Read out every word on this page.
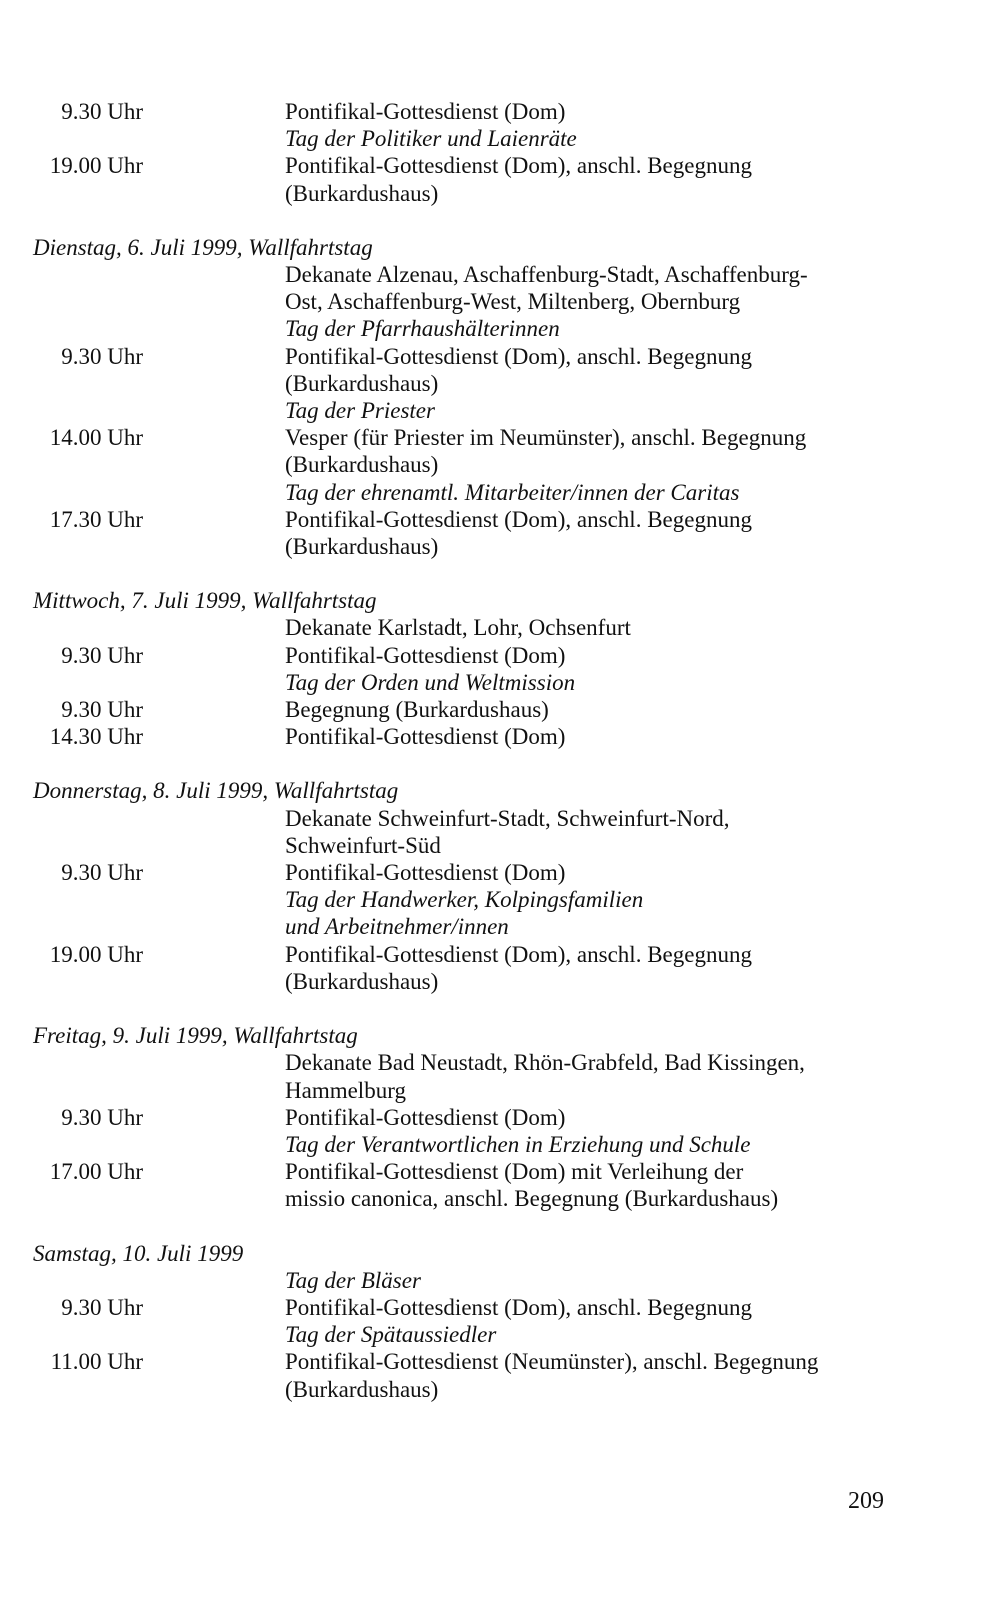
9.30 Uhr	Pontifikal-Gottesdienst (Dom)
Tag der Politiker und Laienräte
19.00 Uhr	Pontifikal-Gottesdienst (Dom), anschl. Begegnung
(Burkardushaus)
Dienstag, 6. Juli 1999, Wallfahrtstag
Dekanate Alzenau, Aschaffenburg-Stadt, Aschaffenburg-
Ost, Aschaffenburg-West, Miltenberg, Obernburg
Tag der Pfarrhaushälterinnen
9.30 Uhr	Pontifikal-Gottesdienst (Dom), anschl. Begegnung
(Burkardushaus)
Tag der Priester
14.00 Uhr	Vesper (für Priester im Neumünster), anschl. Begegnung
(Burkardushaus)
Tag der ehrenamtl. Mitarbeiter/innen der Caritas
17.30 Uhr	Pontifikal-Gottesdienst (Dom), anschl. Begegnung
(Burkardushaus)
Mittwoch, 7. Juli 1999, Wallfahrtstag
Dekanate Karlstadt, Lohr, Ochsenfurt
9.30 Uhr	Pontifikal-Gottesdienst (Dom)
Tag der Orden und Weltmission
9.30 Uhr	Begegnung (Burkardushaus)
14.30 Uhr	Pontifikal-Gottesdienst (Dom)
Donnerstag, 8. Juli 1999, Wallfahrtstag
Dekanate Schweinfurt-Stadt, Schweinfurt-Nord,
Schweinfurt-Süd
9.30 Uhr	Pontifikal-Gottesdienst (Dom)
Tag der Handwerker, Kolpingsfamilien
und Arbeitnehmer/innen
19.00 Uhr	Pontifikal-Gottesdienst (Dom), anschl. Begegnung
(Burkardushaus)
Freitag, 9. Juli 1999, Wallfahrtstag
Dekanate Bad Neustadt, Rhön-Grabfeld, Bad Kissingen,
Hammelburg
9.30 Uhr	Pontifikal-Gottesdienst (Dom)
Tag der Verantwortlichen in Erziehung und Schule
17.00 Uhr	Pontifikal-Gottesdienst (Dom) mit Verleihung der
missio canonica, anschl. Begegnung (Burkardushaus)
Samstag, 10. Juli 1999
Tag der Bläser
9.30 Uhr	Pontifikal-Gottesdienst (Dom), anschl. Begegnung
Tag der Spätaussiedler
11.00 Uhr	Pontifikal-Gottesdienst (Neumünster), anschl. Begegnung
(Burkardushaus)
209
